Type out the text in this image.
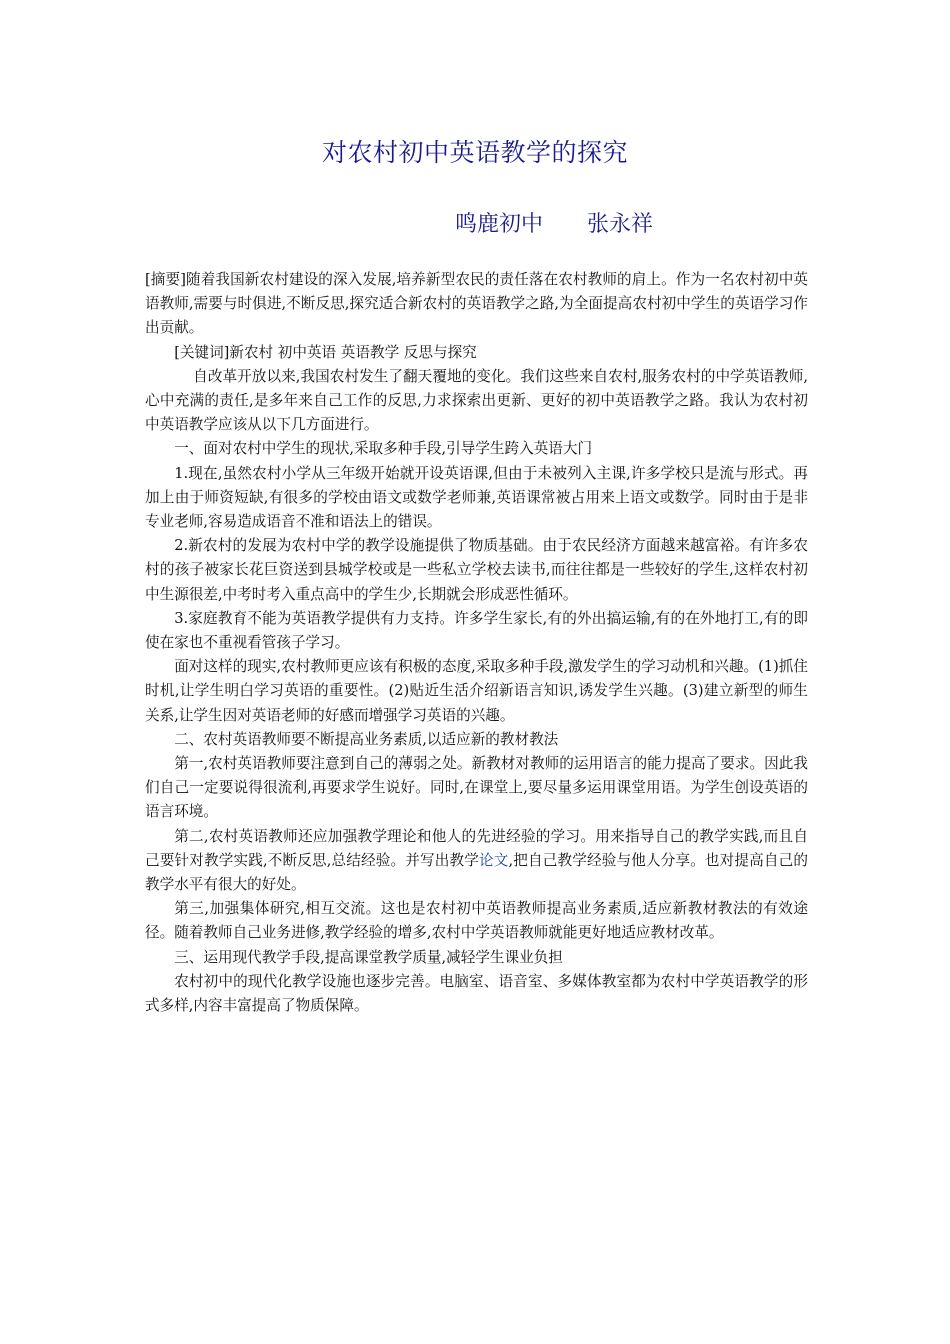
对农村初中英语教学的探究
鸣鹿初中 张永祥

[摘要]随着我国新农村建设的深入发展,培养新型农民的责任落在农村教师的肩上。作为一名农村初中英语教师,需要与时俱进,不断反思,探究适合新农村的英语教学之路,为全面提高农村初中学生的英语学习作出贡献。

[关键词]新农村 初中英语 英语教学 反思与探究

自改革开放以来,我国农村发生了翻天覆地的变化。我们这些来自农村,服务农村的中学英语教师,心中充满的责任,是多年来自己工作的反思,力求探索出更新、更好的初中英语教学之路。我认为农村初中英语教学应该从以下几方面进行。

一、面对农村中学生的现状,采取多种手段,引导学生跨入英语大门

1.现在,虽然农村小学从三年级开始就开设英语课,但由于未被列入主课,许多学校只是流与形式。再加上由于师资短缺,有很多的学校由语文或数学老师兼,英语课常被占用来上语文或数学。同时由于是非专业老师,容易造成语音不准和语法上的错误。

2.新农村的发展为农村中学的教学设施提供了物质基础。由于农民经济方面越来越富裕。有许多农村的孩子被家长花巨资送到县城学校或是一些私立学校去读书,而往往都是一些较好的学生,这样农村初中生源很差,中考时考入重点高中的学生少,长期就会形成恶性循环。

3.家庭教育不能为英语教学提供有力支持。许多学生家长,有的外出搞运输,有的在外地打工,有的即使在家也不重视看管孩子学习。

面对这样的现实,农村教师更应该有积极的态度,采取多种手段,激发学生的学习动机和兴趣。(1)抓住时机,让学生明白学习英语的重要性。(2)贴近生活介绍新语言知识,诱发学生兴趣。(3)建立新型的师生关系,让学生因对英语老师的好感而增强学习英语的兴趣。

二、农村英语教师要不断提高业务素质,以适应新的教材教法

第一,农村英语教师要注意到自己的薄弱之处。新教材对教师的运用语言的能力提高了要求。因此我们自己一定要说得很流利,再要求学生说好。同时,在课堂上,要尽量多运用课堂用语。为学生创设英语的语言环境。

第二,农村英语教师还应加强教学理论和他人的先进经验的学习。用来指导自己的教学实践,而且自己要针对教学实践,不断反思,总结经验。并写出教学论文,把自己教学经验与他人分享。也对提高自己的教学水平有很大的好处。

第三,加强集体研究,相互交流。这也是农村初中英语教师提高业务素质,适应新教材教法的有效途径。随着教师自己业务进修,教学经验的增多,农村中学英语教师就能更好地适应教材改革。

三、运用现代教学手段,提高课堂教学质量,减轻学生课业负担

农村初中的现代化教学设施也逐步完善。电脑室、语音室、多媒体教室都为农村中学英语教学的形式多样,内容丰富提高了物质保障。
